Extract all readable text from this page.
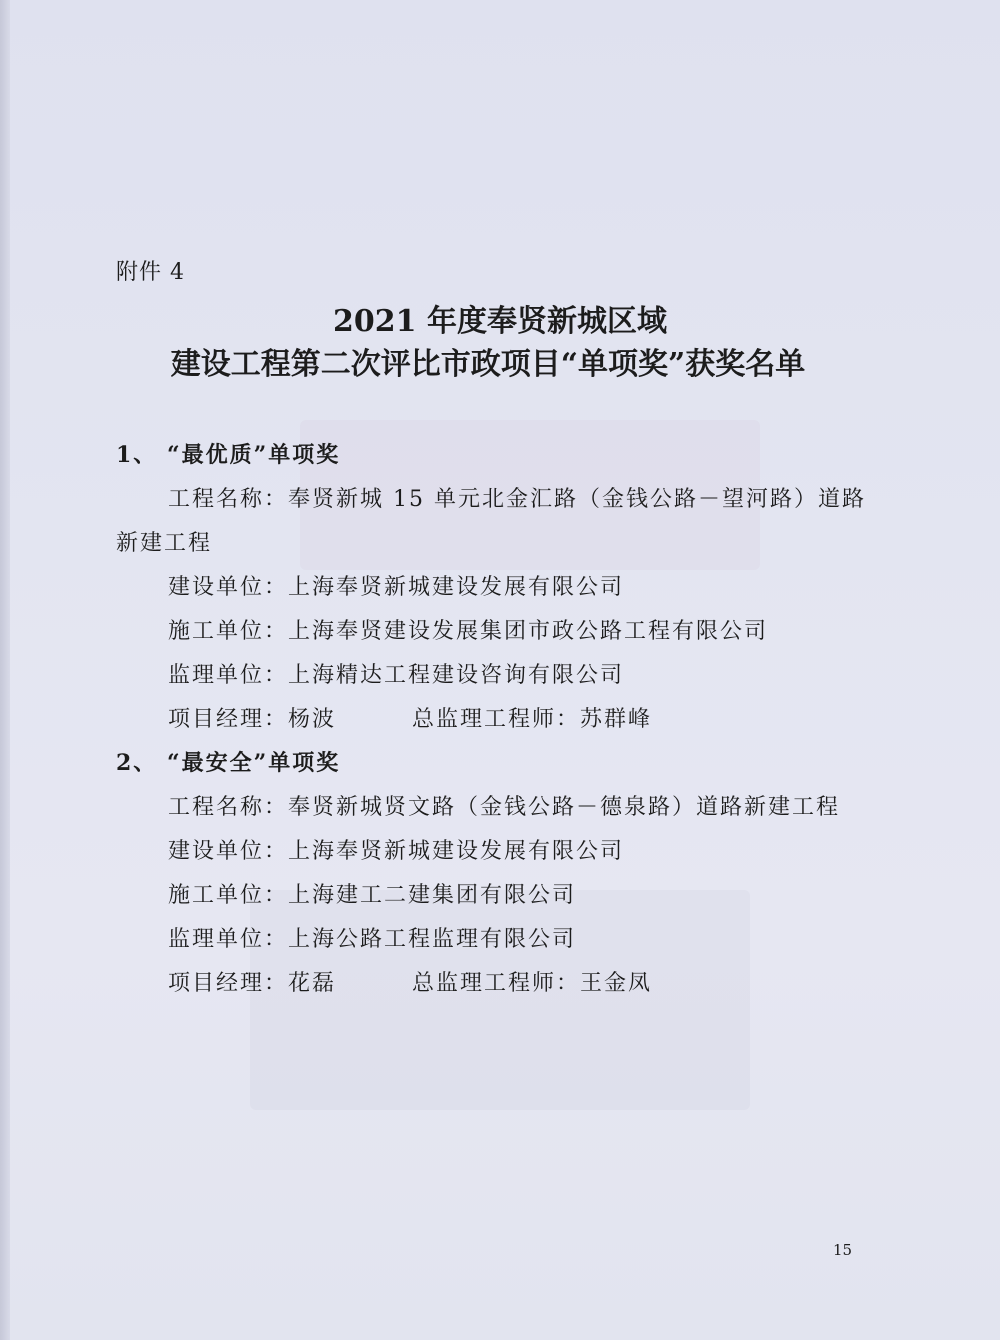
附件 4
2021 年度奉贤新城区域
建设工程第二次评比市政项目“单项奖”获奖名单
1、 “最优质”单项奖
工程名称：奉贤新城 15 单元北金汇路（金钱公路－望河路）道路
新建工程
建设单位：上海奉贤新城建设发展有限公司
施工单位：上海奉贤建设发展集团市政公路工程有限公司
监理单位：上海精达工程建设咨询有限公司
项目经理：杨波	总监理工程师：苏群峰
2、 “最安全”单项奖
工程名称：奉贤新城贤文路（金钱公路－德泉路）道路新建工程
建设单位：上海奉贤新城建设发展有限公司
施工单位：上海建工二建集团有限公司
监理单位：上海公路工程监理有限公司
项目经理：花磊	总监理工程师：王金凤
15
